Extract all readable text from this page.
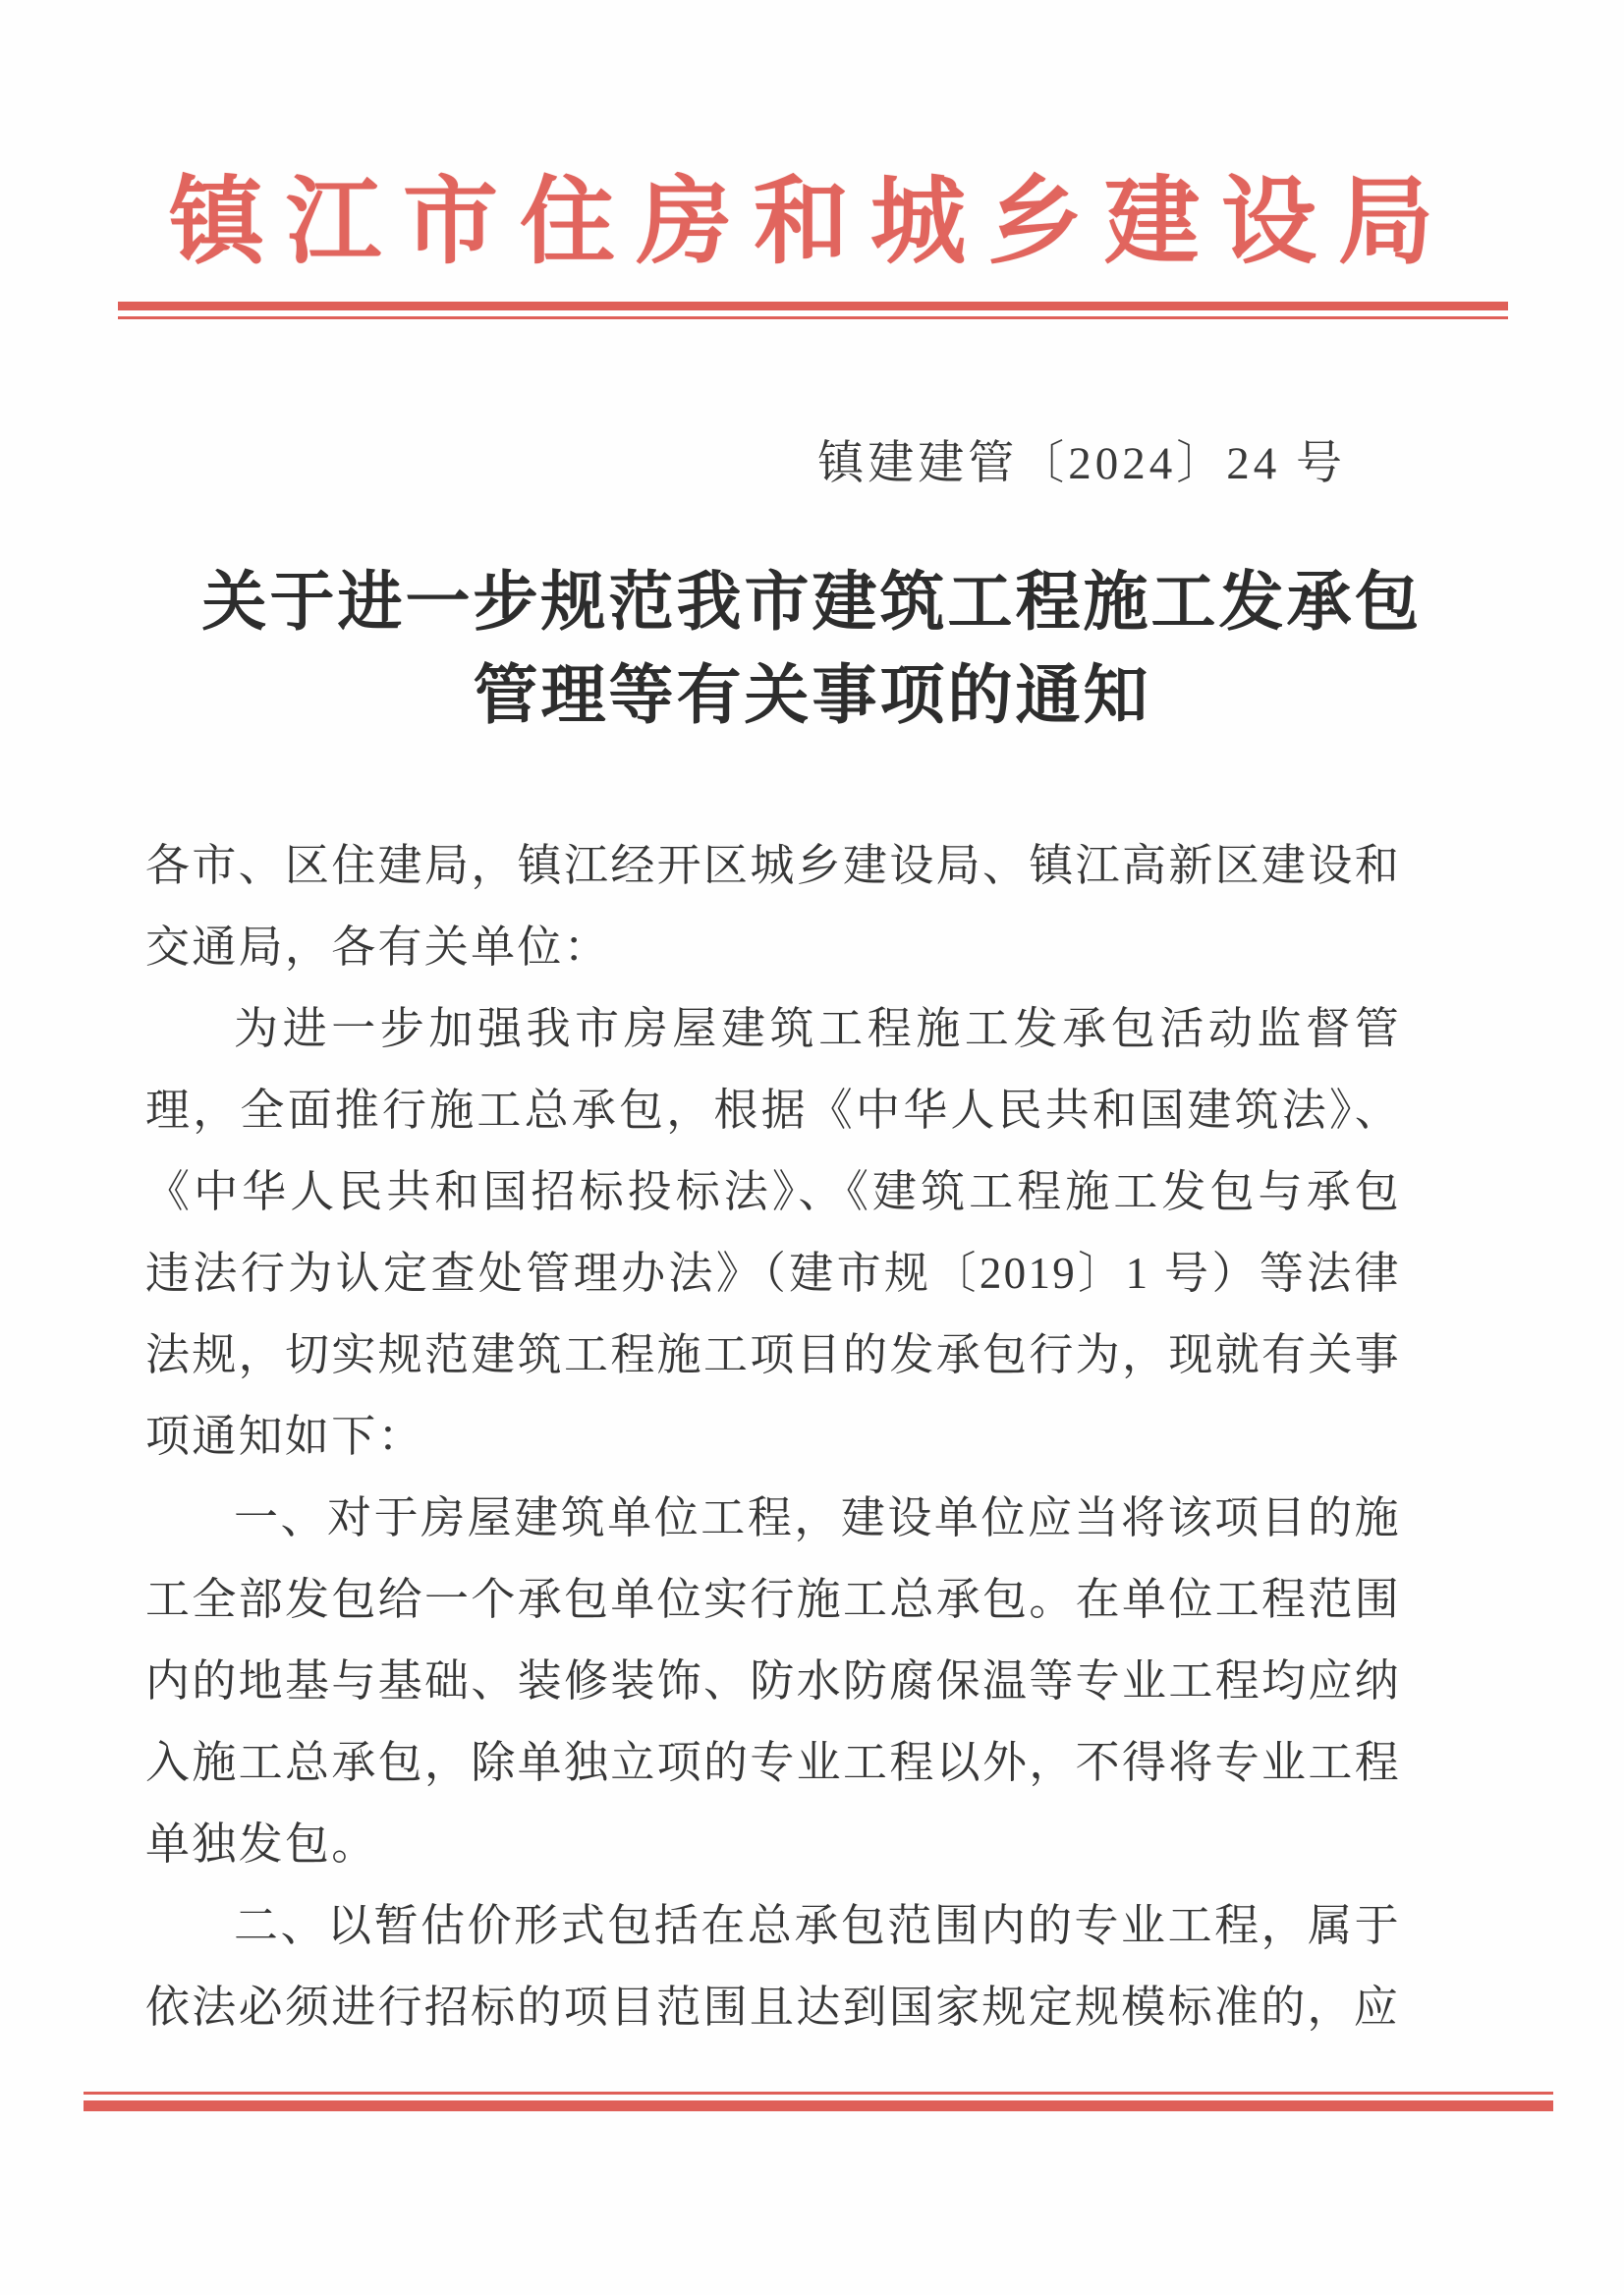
镇江市住房和城乡建设局
镇建建管〔2024〕24 号
关于进一步规范我市建筑工程施工发承包
管理等有关事项的通知

各市、区住建局，镇江经开区城乡建设局、镇江高新区建设和交通局，各有关单位：

为进一步加强我市房屋建筑工程施工发承包活动监督管理，全面推行施工总承包，根据《中华人民共和国建筑法》、《中华人民共和国招标投标法》、《建筑工程施工发包与承包违法行为认定查处管理办法》（建市规〔2019〕1 号）等法律法规，切实规范建筑工程施工项目的发承包行为，现就有关事项通知如下：

一、对于房屋建筑单位工程，建设单位应当将该项目的施工全部发包给一个承包单位实行施工总承包。在单位工程范围内的地基与基础、装修装饰、防水防腐保温等专业工程均应纳入施工总承包，除单独立项的专业工程以外，不得将专业工程单独发包。

二、以暂估价形式包括在总承包范围内的专业工程，属于依法必须进行招标的项目范围且达到国家规定规模标准的，应
